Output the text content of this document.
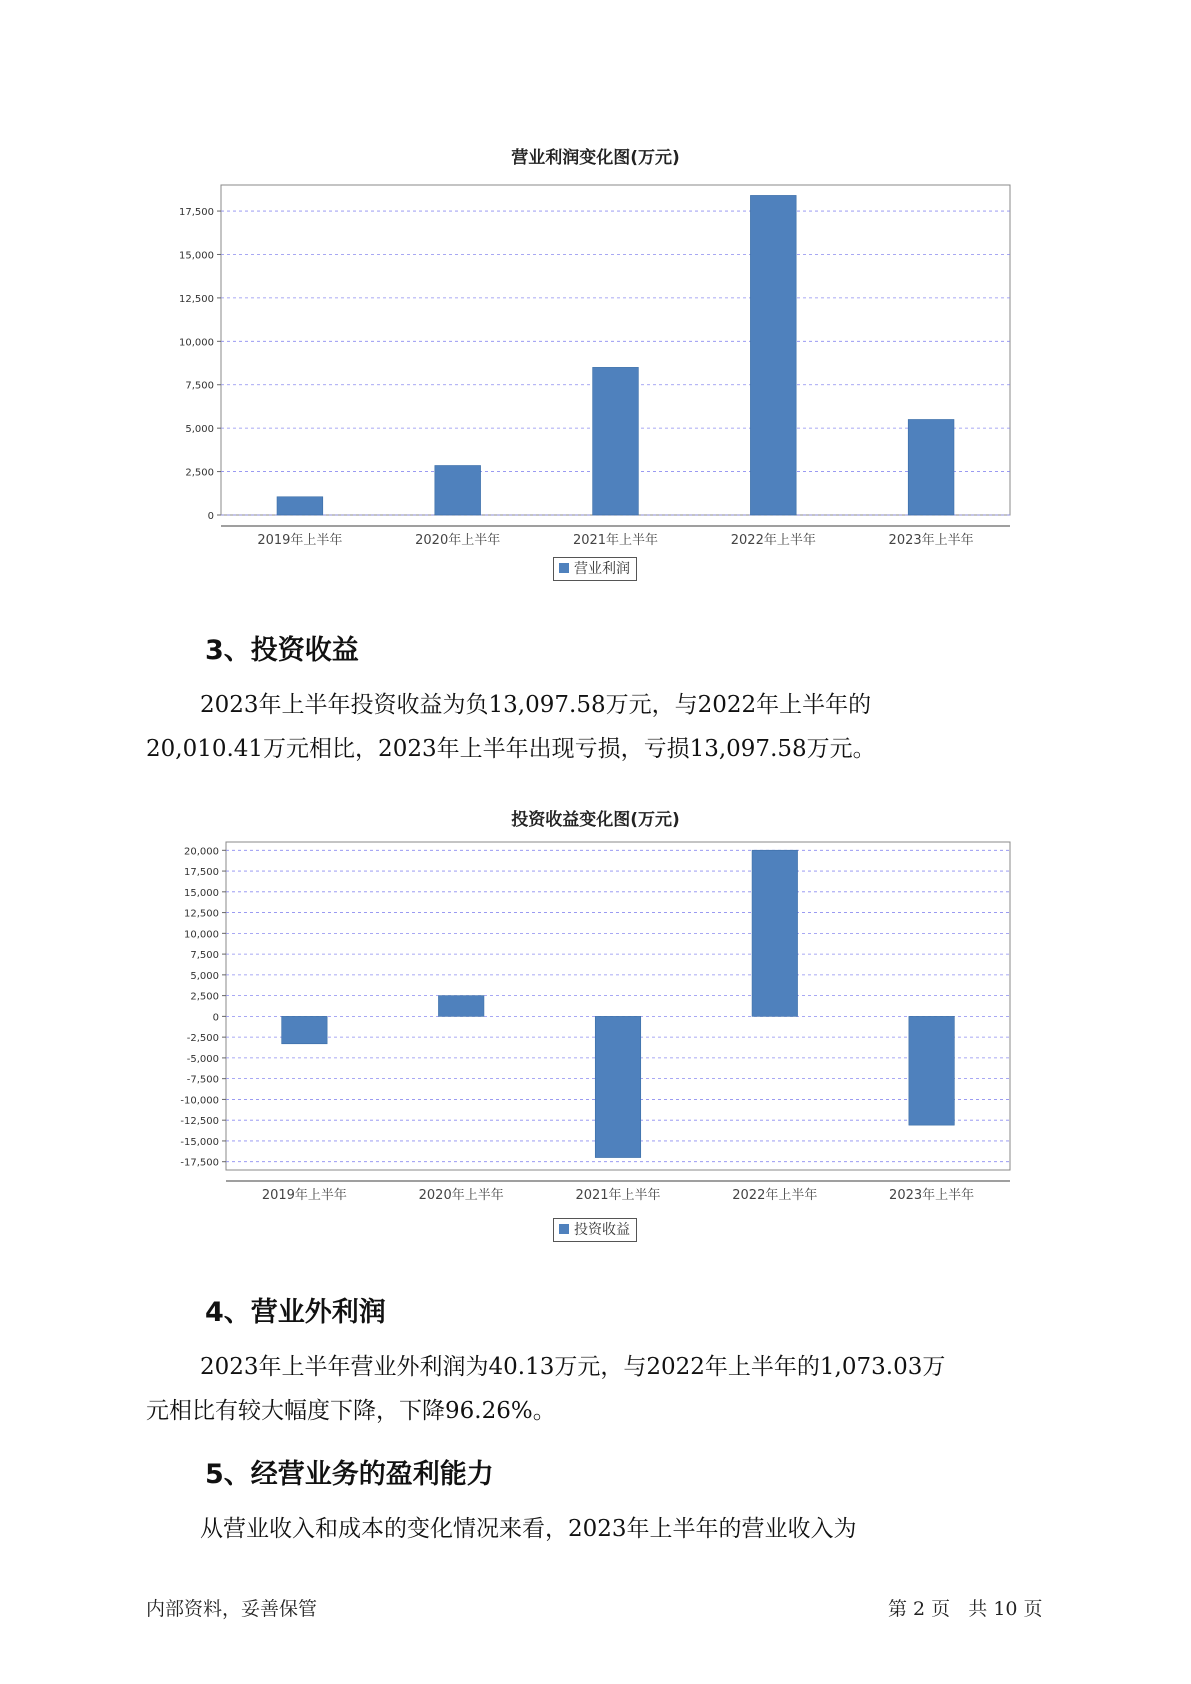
营业利润变化图(万元)
0
2,500
5,000
7,500
10,000
12,500
15,000
17,500
2019年上半年	2020年上半年	2021年上半年	2022年上半年	2023年上半年
营业利润
3、投资收益
2023年上半年投资收益为负13,097.58万元，与2022年上半年的
20,010.41万元相比，2023年上半年出现亏损，亏损13,097.58万元。
投资收益变化图(万元)
20,000
17,500
15,000
12,500
10,000
7,500
5,000
2,500
0
-2,500
-5,000
-7,500
-10,000
-12,500
-15,000
-17,500
2019年上半年	2020年上半年	2021年上半年	2022年上半年	2023年上半年
投资收益
4、营业外利润
2023年上半年营业外利润为40.13万元，与2022年上半年的1,073.03万
元相比有较大幅度下降，下降96.26%。
5、经营业务的盈利能力
从营业收入和成本的变化情况来看，2023年上半年的营业收入为
内部资料，妥善保管	第 2 页   共 10 页
